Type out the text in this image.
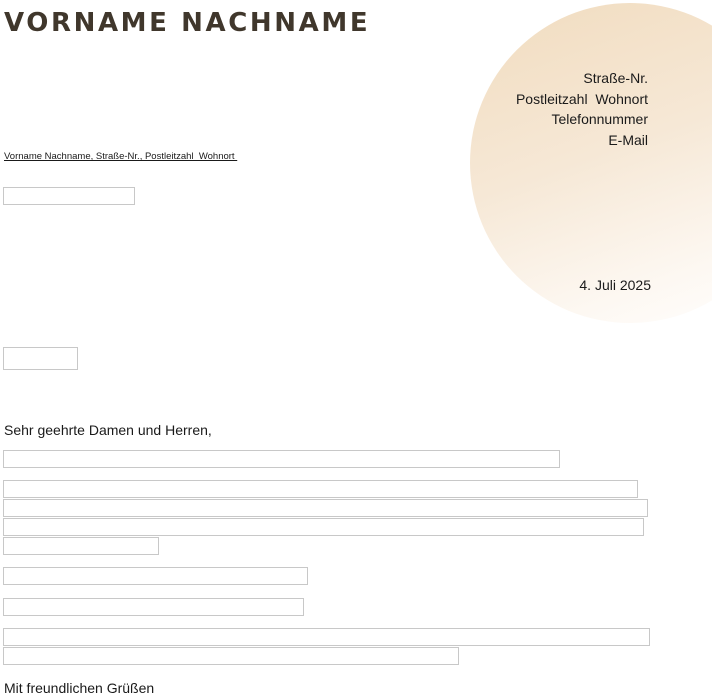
VORNAME NACHNAME
Straße-Nr.
Postleitzahl  Wohnort
Telefonnummer
E-Mail
Vorname Nachname, Straße-Nr., Postleitzahl  Wohnort
4. Juli 2025
Sehr geehrte Damen und Herren,
Mit freundlichen Grüßen
